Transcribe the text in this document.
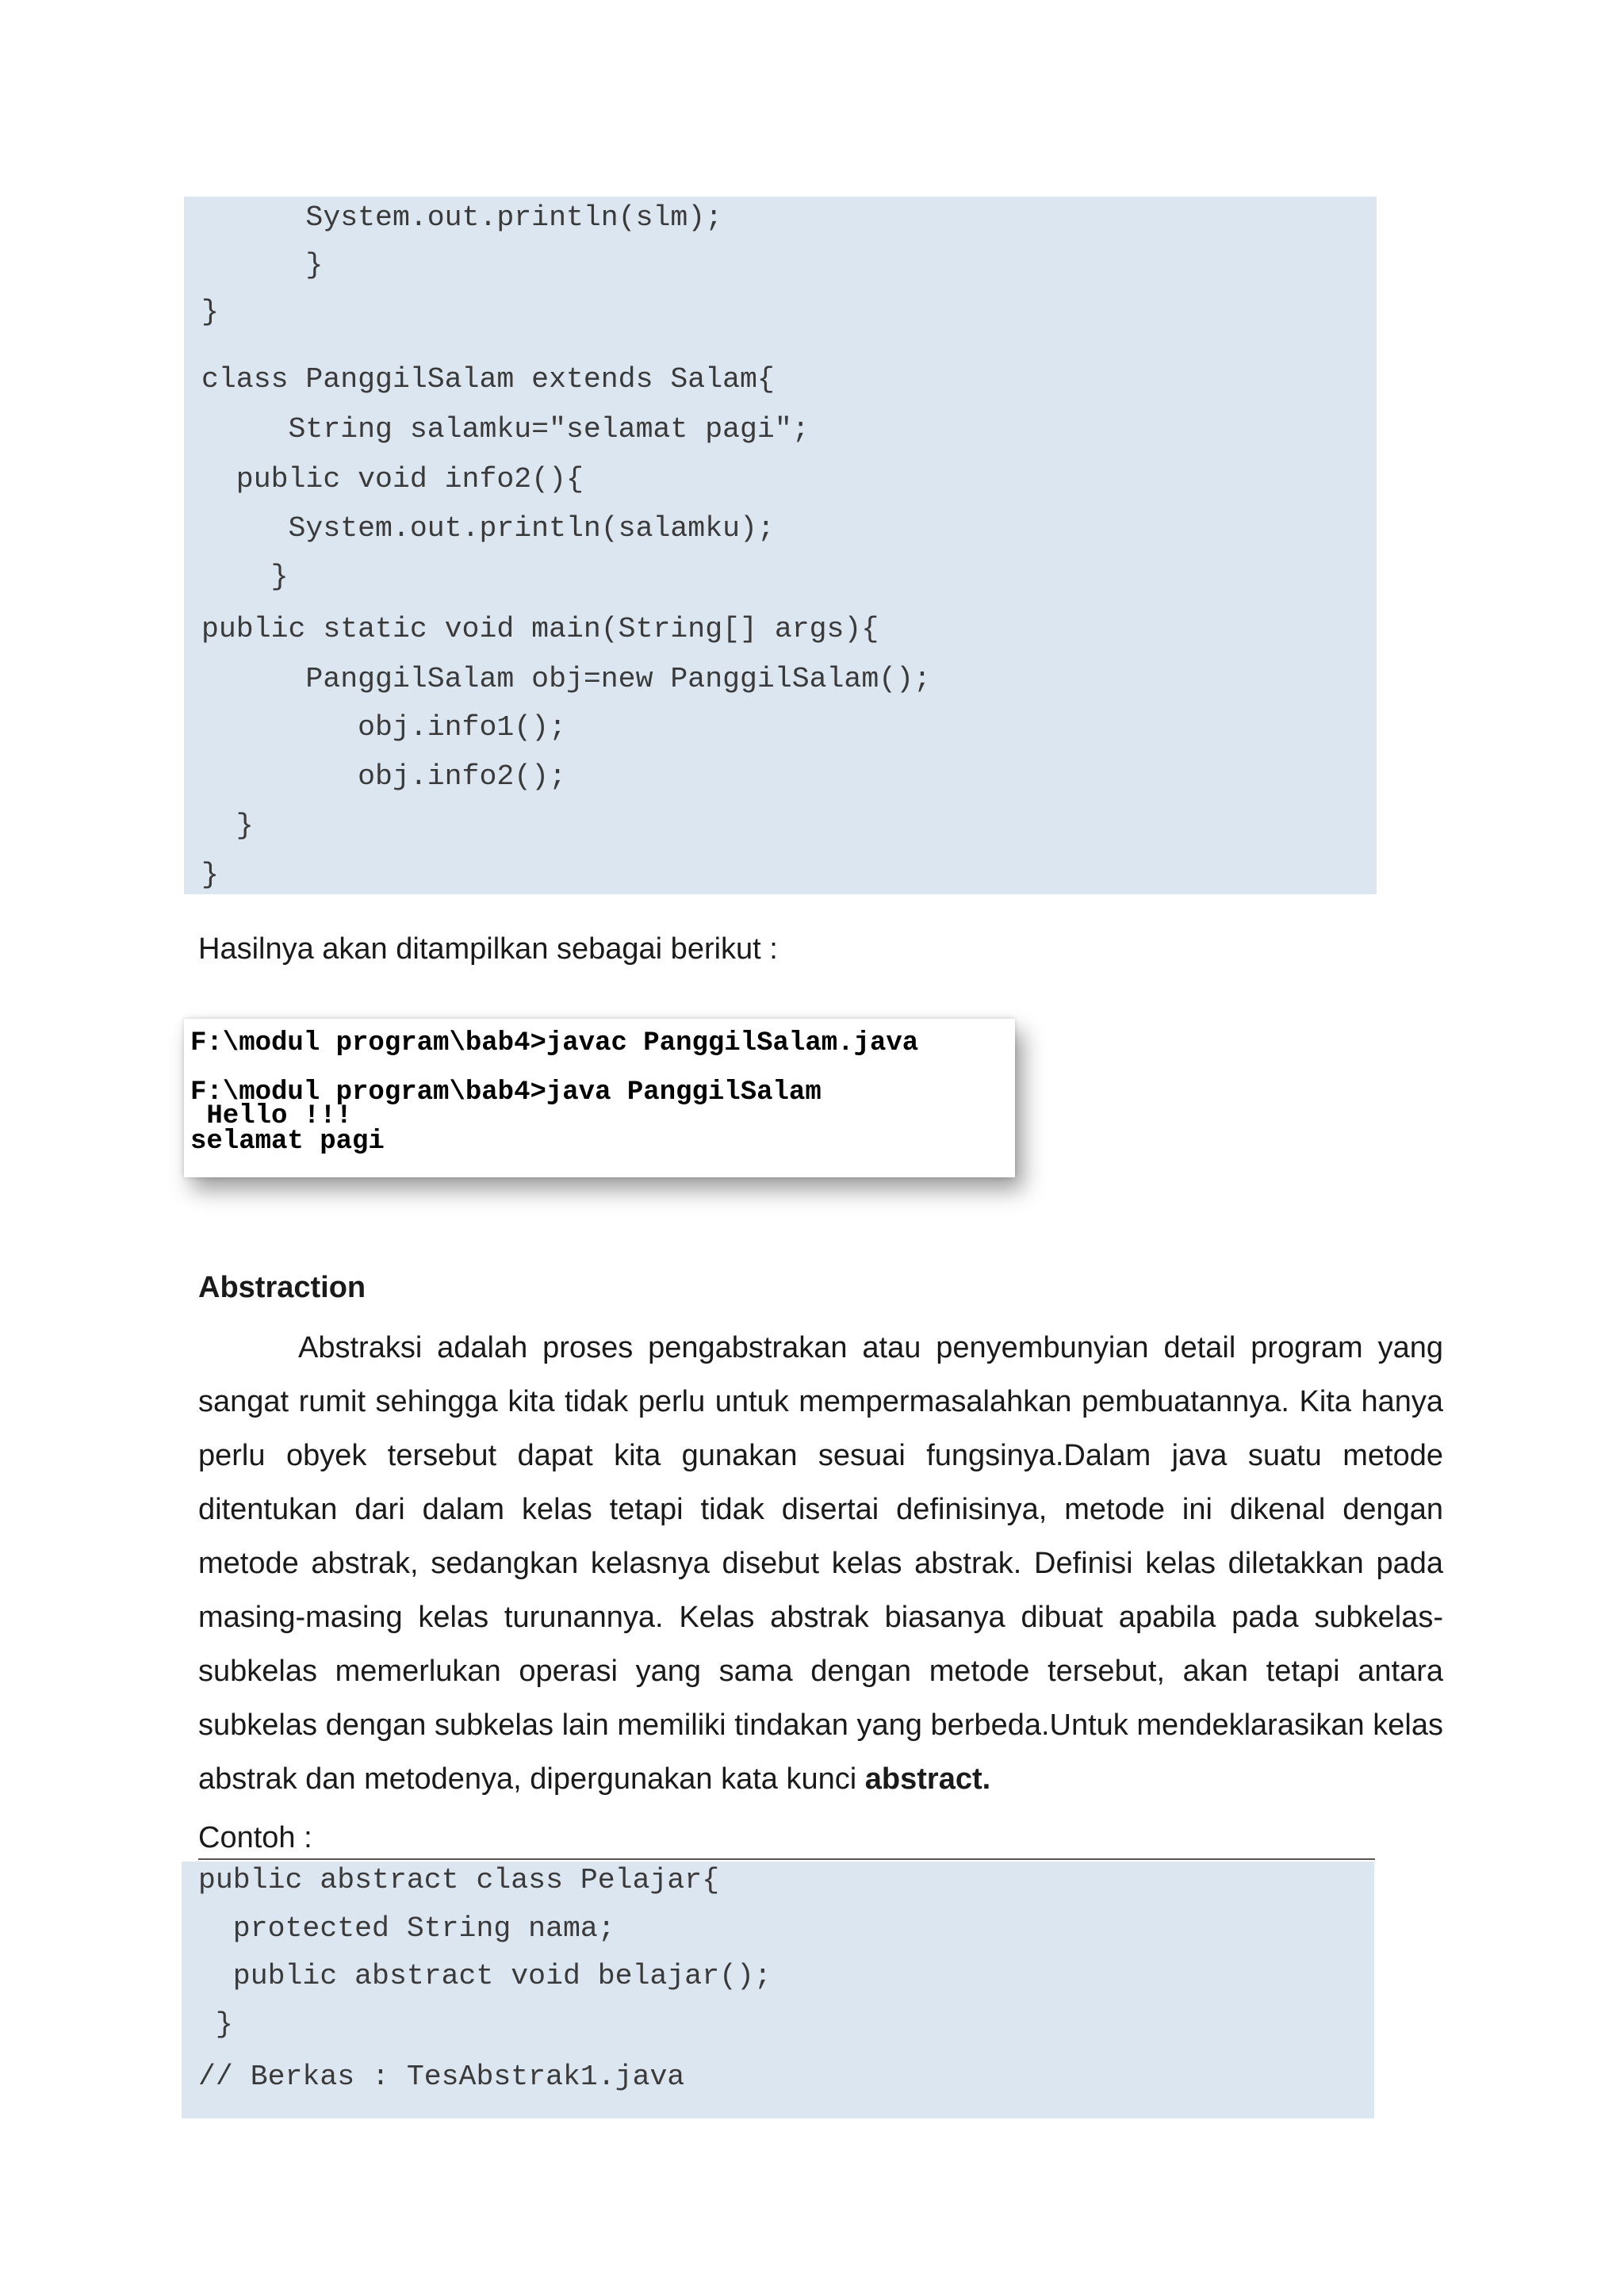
System.out.println(slm);
}
}
class PanggilSalam extends Salam{
String salamku="selamat pagi";
public void info2(){
System.out.println(salamku);
}
public static void main(String[] args){
PanggilSalam obj=new PanggilSalam();
obj.info1();
obj.info2();
}
}
Hasilnya akan ditampilkan sebagai berikut :
F:\modul program\bab4>javac PanggilSalam.java
F:\modul program\bab4>java PanggilSalam
Hello !!!
selamat pagi
Abstraction
Abstraksi adalah proses pengabstrakan atau penyembunyian detail program yang sangat rumit sehingga kita tidak perlu untuk mempermasalahkan pembuatannya. Kita hanya perlu obyek tersebut dapat kita gunakan sesuai fungsinya.Dalam java suatu metode ditentukan dari dalam kelas tetapi tidak disertai definisinya, metode ini dikenal dengan metode abstrak, sedangkan kelasnya disebut kelas abstrak. Definisi kelas diletakkan pada masing-masing kelas turunannya. Kelas abstrak biasanya dibuat apabila pada subkelas-subkelas memerlukan operasi yang sama dengan metode tersebut, akan tetapi antara subkelas dengan subkelas lain memiliki tindakan yang berbeda.Untuk mendeklarasikan kelas abstrak dan metodenya, dipergunakan kata kunci abstract.
Contoh :
public abstract class Pelajar{
protected String nama;
public abstract void belajar();
}
// Berkas : TesAbstrak1.java
